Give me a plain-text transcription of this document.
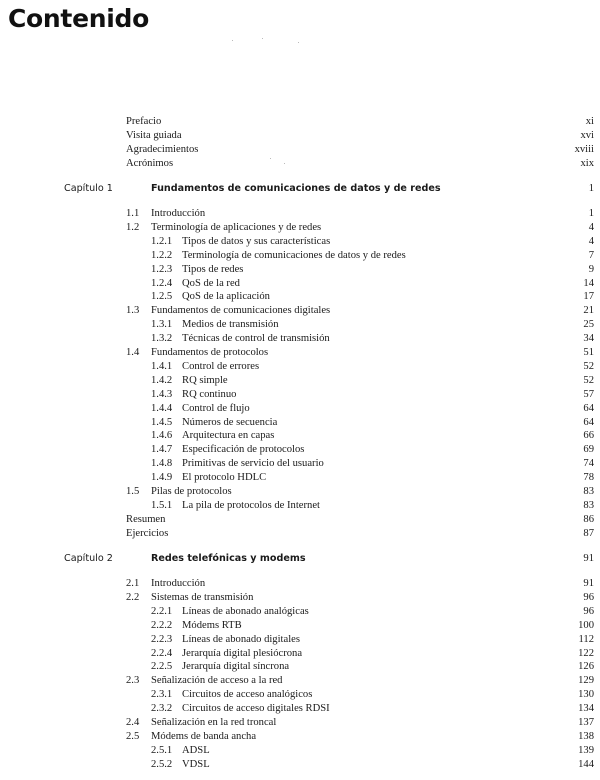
Contenido
Prefacio	xi
Visita guiada	xvi
Agradecimientos	xviii
Acrónimos	xix
Capítulo 1	Fundamentos de comunicaciones de datos y de redes	1
1.1 Introducción	1
1.2 Terminología de aplicaciones y de redes	4
1.2.1 Tipos de datos y sus características	4
1.2.2 Terminología de comunicaciones de datos y de redes	7
1.2.3 Tipos de redes	9
1.2.4 QoS de la red	14
1.2.5 QoS de la aplicación	17
1.3 Fundamentos de comunicaciones digitales	21
1.3.1 Medios de transmisión	25
1.3.2 Técnicas de control de transmisión	34
1.4 Fundamentos de protocolos	51
1.4.1 Control de errores	52
1.4.2 RQ simple	52
1.4.3 RQ continuo	57
1.4.4 Control de flujo	64
1.4.5 Números de secuencia	64
1.4.6 Arquitectura en capas	66
1.4.7 Especificación de protocolos	69
1.4.8 Primitivas de servicio del usuario	74
1.4.9 El protocolo HDLC	78
1.5 Pilas de protocolos	83
1.5.1 La pila de protocolos de Internet	83
Resumen	86
Ejercicios	87
Capítulo 2	Redes telefónicas y modems	91
2.1 Introducción	91
2.2 Sistemas de transmisión	96
2.2.1 Líneas de abonado analógicas	96
2.2.2 Módems RTB	100
2.2.3 Líneas de abonado digitales	112
2.2.4 Jerarquía digital plesiócrona	122
2.2.5 Jerarquía digital síncrona	126
2.3 Señalización de acceso a la red	129
2.3.1 Circuitos de acceso analógicos	130
2.3.2 Circuitos de acceso digitales RDSI	134
2.4 Señalización en la red troncal	137
2.5 Módems de banda ancha	138
2.5.1 ADSL	139
2.5.2 VDSL	144
